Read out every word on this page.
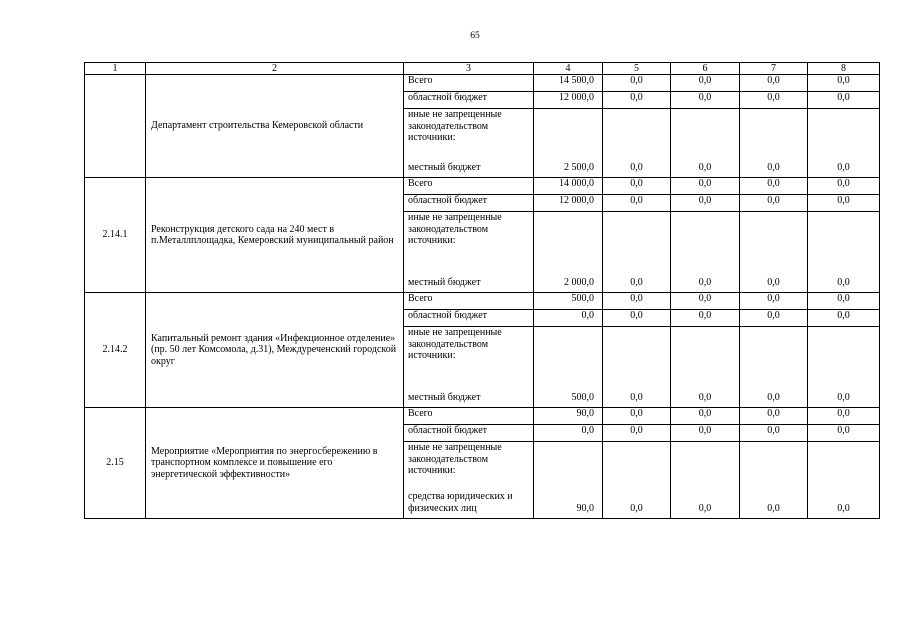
65
1	2	3	4	5	6	7	8
	Департамент строительства Кемеровской области	Всего	14 500,0	0,0	0,0	0,0	0,0
		областной бюджет	12 000,0	0,0	0,0	0,0	0,0
		иные не запрещенные законодательством источники:					
		местный бюджет	2 500,0	0,0	0,0	0,0	0,0
2.14.1	Реконструкция детского сада на 240 мест в п.Металлплощадка, Кемеровский муниципальный район	Всего	14 000,0	0,0	0,0	0,0	0,0
		областной бюджет	12 000,0	0,0	0,0	0,0	0,0
		иные не запрещенные законодательством источники:					
		местный бюджет	2 000,0	0,0	0,0	0,0	0,0
2.14.2	Капитальный ремонт здания «Инфекционное отделение» (пр. 50 лет Комсомола, д.31), Междуреченский городской округ	Всего	500,0	0,0	0,0	0,0	0,0
		областной бюджет	0,0	0,0	0,0	0,0	0,0
		иные не запрещенные законодательством источники:					
		местный бюджет	500,0	0,0	0,0	0,0	0,0
2.15	Мероприятие «Мероприятия по энергосбережению в транспортном комплексе и повышение его энергетической эффективности»	Всего	90,0	0,0	0,0	0,0	0,0
		областной бюджет	0,0	0,0	0,0	0,0	0,0
		иные не запрещенные законодательством источники:					
		средства юридических и физических лиц	90,0	0,0	0,0	0,0	0,0
